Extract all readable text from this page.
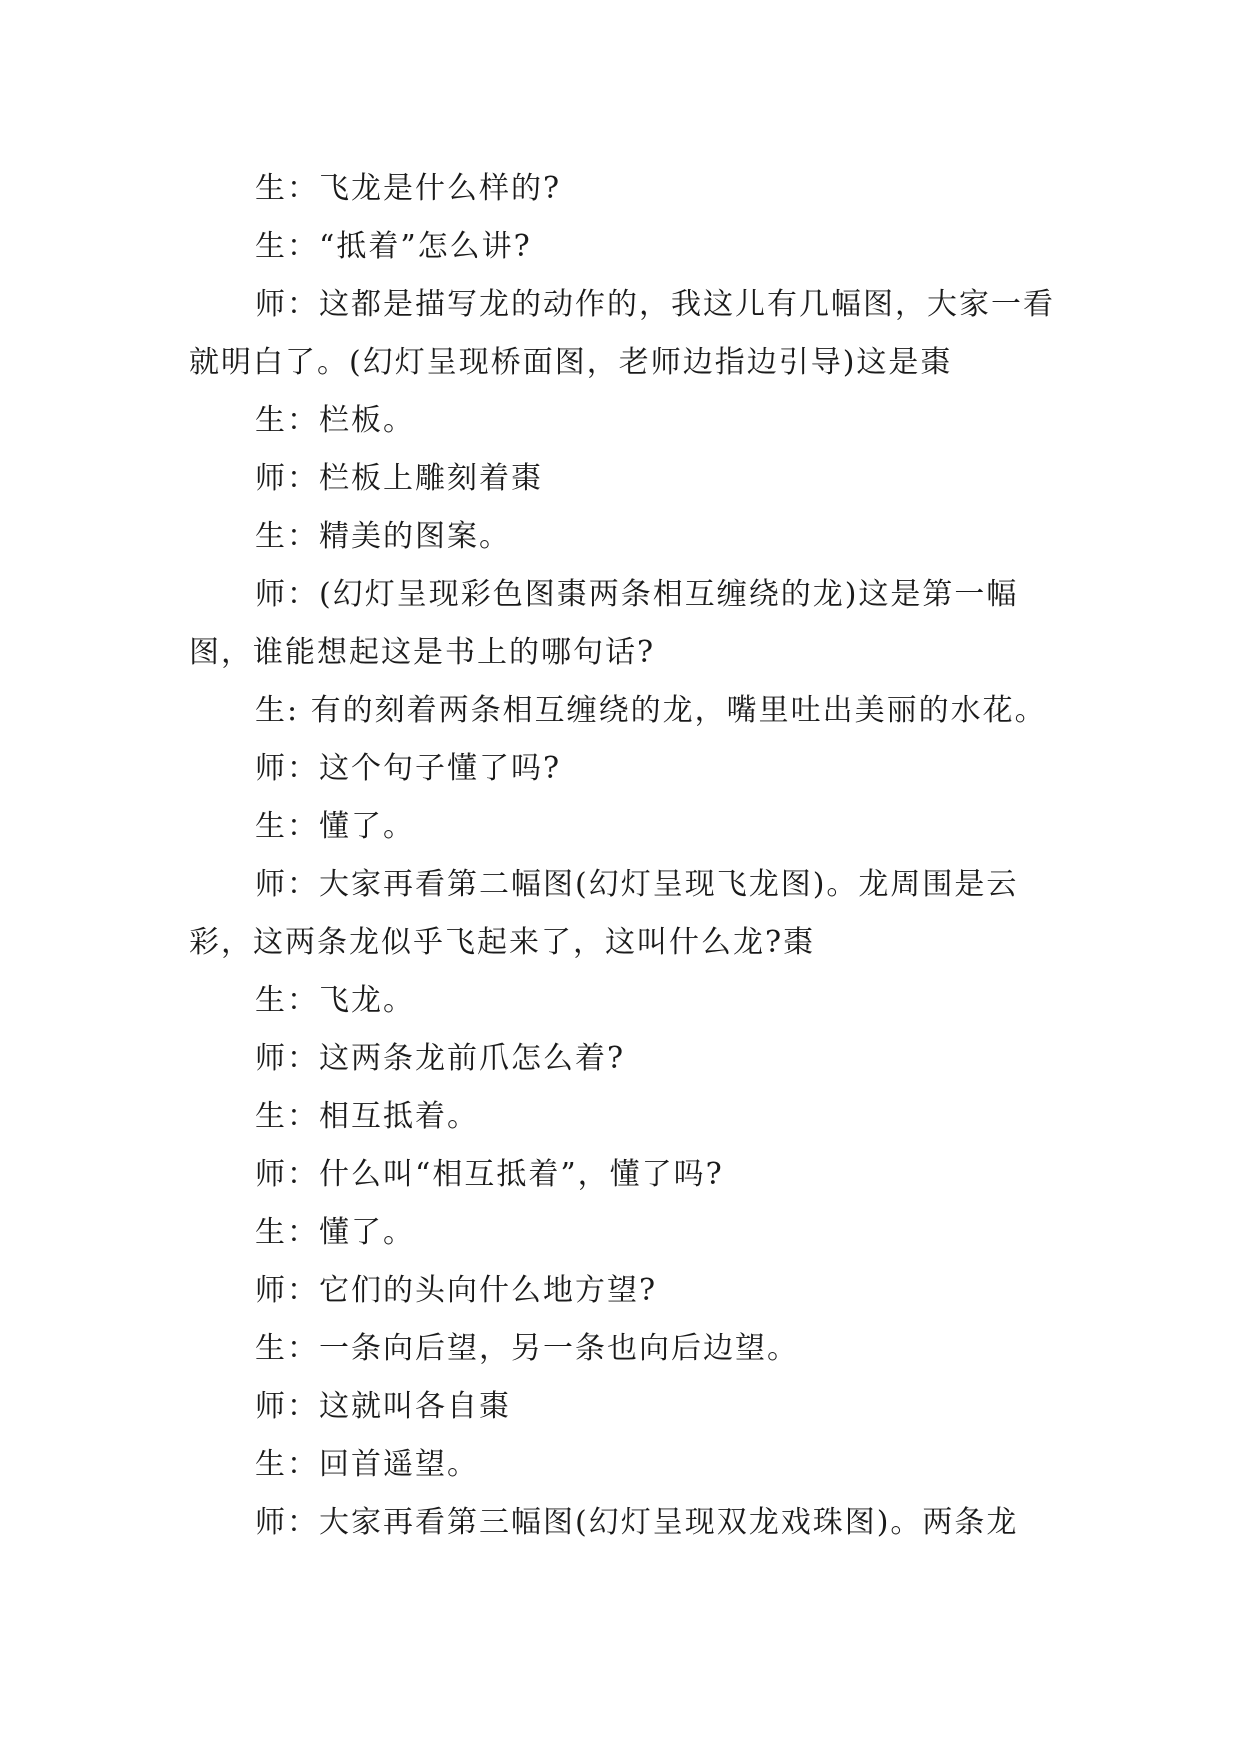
生：飞龙是什么样的?

生：“抵着”怎么讲?

师：这都是描写龙的动作的，我这儿有几幅图，大家一看就明白了。(幻灯呈现桥面图，老师边指边引导)这是棗

生：栏板。

师：栏板上雕刻着棗

生：精美的图案。

师：(幻灯呈现彩色图棗两条相互缠绕的龙)这是第一幅图，谁能想起这是书上的哪句话?

生: 有的刻着两条相互缠绕的龙，嘴里吐出美丽的水花。

师：这个句子懂了吗?

生：懂了。

师：大家再看第二幅图(幻灯呈现飞龙图)。龙周围是云彩，这两条龙似乎飞起来了，这叫什么龙?棗

生：飞龙。

师：这两条龙前爪怎么着?

生：相互抵着。

师：什么叫“相互抵着”，懂了吗?

生：懂了。

师：它们的头向什么地方望?

生：一条向后望，另一条也向后边望。

师：这就叫各自棗

生：回首遥望。

师：大家再看第三幅图(幻灯呈现双龙戏珠图)。两条龙
